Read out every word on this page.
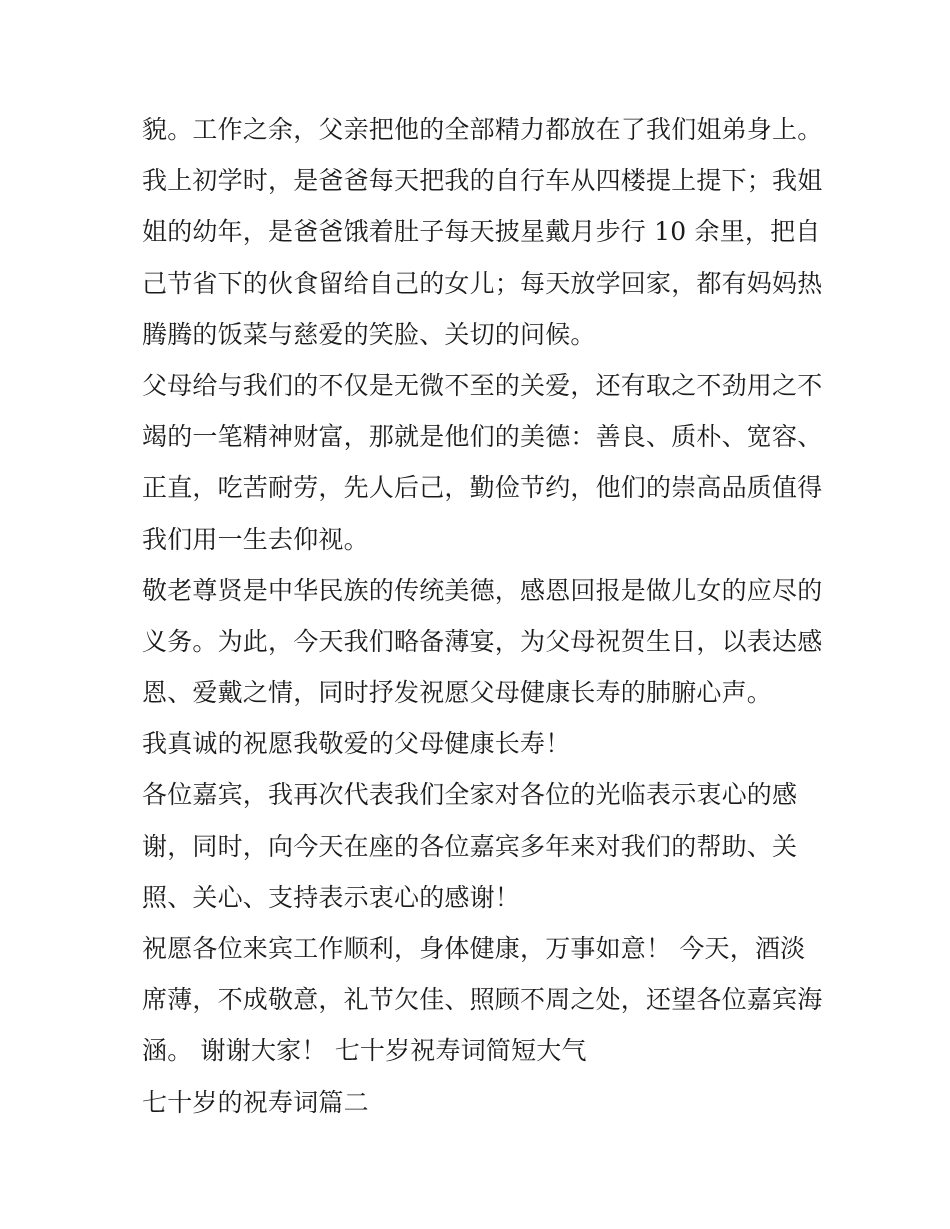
貌。工作之余，父亲把他的全部精力都放在了我们姐弟身上。
我上初学时，是爸爸每天把我的自行车从四楼提上提下；我姐
姐的幼年，是爸爸饿着肚子每天披星戴月步行 10 余里，把自
己节省下的伙食留给自己的女儿；每天放学回家，都有妈妈热
腾腾的饭菜与慈爱的笑脸、关切的问候。
父母给与我们的不仅是无微不至的关爱，还有取之不劲用之不
竭的一笔精神财富，那就是他们的美德：善良、质朴、宽容、
正直，吃苦耐劳，先人后己，勤俭节约，他们的崇高品质值得
我们用一生去仰视。
敬老尊贤是中华民族的传统美德，感恩回报是做儿女的应尽的
义务。为此，今天我们略备薄宴，为父母祝贺生日，以表达感
恩、爱戴之情，同时抒发祝愿父母健康长寿的肺腑心声。
我真诚的祝愿我敬爱的父母健康长寿！
各位嘉宾，我再次代表我们全家对各位的光临表示衷心的感
谢，同时，向今天在座的各位嘉宾多年来对我们的帮助、关
照、关心、支持表示衷心的感谢！
祝愿各位来宾工作顺利，身体健康，万事如意！ 今天，酒淡
席薄，不成敬意，礼节欠佳、照顾不周之处，还望各位嘉宾海
涵。 谢谢大家！ 七十岁祝寿词简短大气
七十岁的祝寿词篇二
